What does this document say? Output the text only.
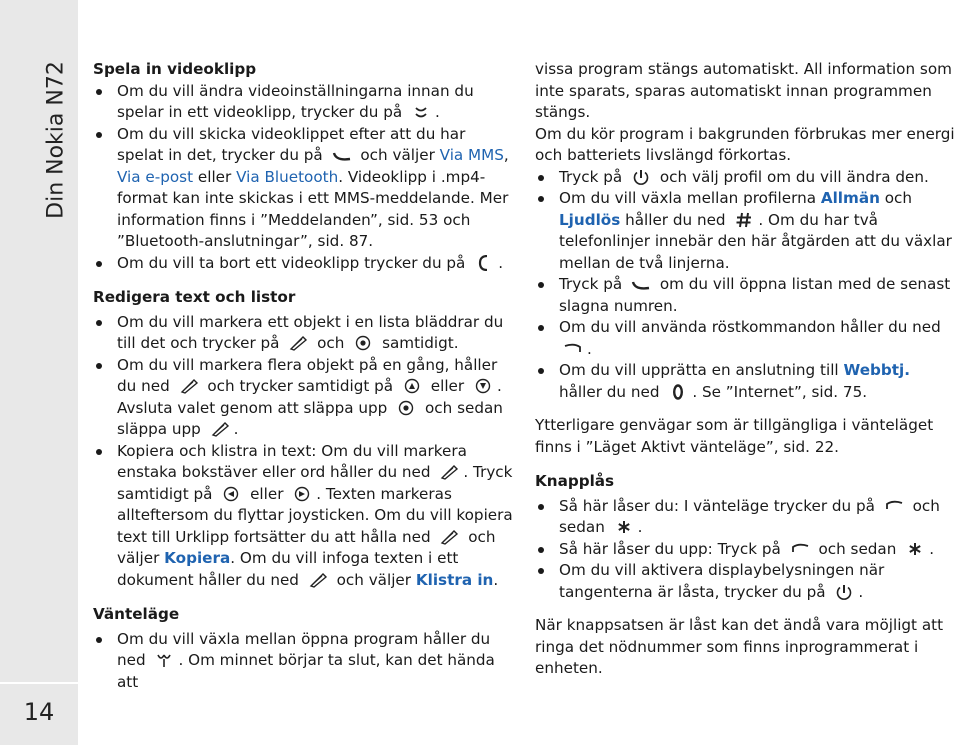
Din Nokia N72
14

Spela in videoklipp

Om du vill ändra videoinställningarna innan du spelar in ett videoklipp, trycker du på .
Om du vill skicka videoklippet efter att du har spelat in det, trycker du på och väljer Via MMS, Via e-post eller Via Bluetooth. Videoklipp i .mp4-format kan inte skickas i ett MMS-meddelande. Mer information finns i ”Meddelanden”, sid. 53 och ”Bluetooth-anslutningar”, sid. 87.
Om du vill ta bort ett videoklipp trycker du på .

Redigera text och listor

Om du vill markera ett objekt i en lista bläddrar du till det och trycker på och samtidigt.
Om du vill markera flera objekt på en gång, håller du ned och trycker samtidigt på eller . Avsluta valet genom att släppa upp och sedan släppa upp .
Kopiera och klistra in text: Om du vill markera enstaka bokstäver eller ord håller du ned . Tryck samtidigt på eller . Texten markeras allteftersom du flyttar joysticken. Om du vill kopiera text till Urklipp fortsätter du att hålla ned och väljer Kopiera. Om du vill infoga texten i ett dokument håller du ned och väljer Klistra in.

Vänteläge

Om du vill växla mellan öppna program håller du ned . Om minnet börjar ta slut, kan det hända att

vissa program stängs automatiskt. All information som inte sparats, sparas automatiskt innan programmen stängs.

Om du kör program i bakgrunden förbrukas mer energi och batteriets livslängd förkortas.

Tryck på och välj profil om du vill ändra den.
Om du vill växla mellan profilerna Allmän och Ljudlös håller du ned . Om du har två telefonlinjer innebär den här åtgärden att du växlar mellan de två linjerna.
Tryck på om du vill öppna listan med de senast slagna numren.
Om du vill använda röstkommandon håller du ned
.
Om du vill upprätta en anslutning till Webbtj. håller du ned . Se ”Internet”, sid. 75.

Ytterligare genvägar som är tillgängliga i vänteläget finns i ”Läget Aktivt vänteläge”, sid. 22.

Knapplås

Så här låser du: I vänteläge trycker du på och sedan .
Så här låser du upp: Tryck på och sedan .
Om du vill aktivera displaybelysningen när tangenterna är låsta, trycker du på .

När knappsatsen är låst kan det ändå vara möjligt att ringa det nödnummer som finns inprogrammerat i enheten.
